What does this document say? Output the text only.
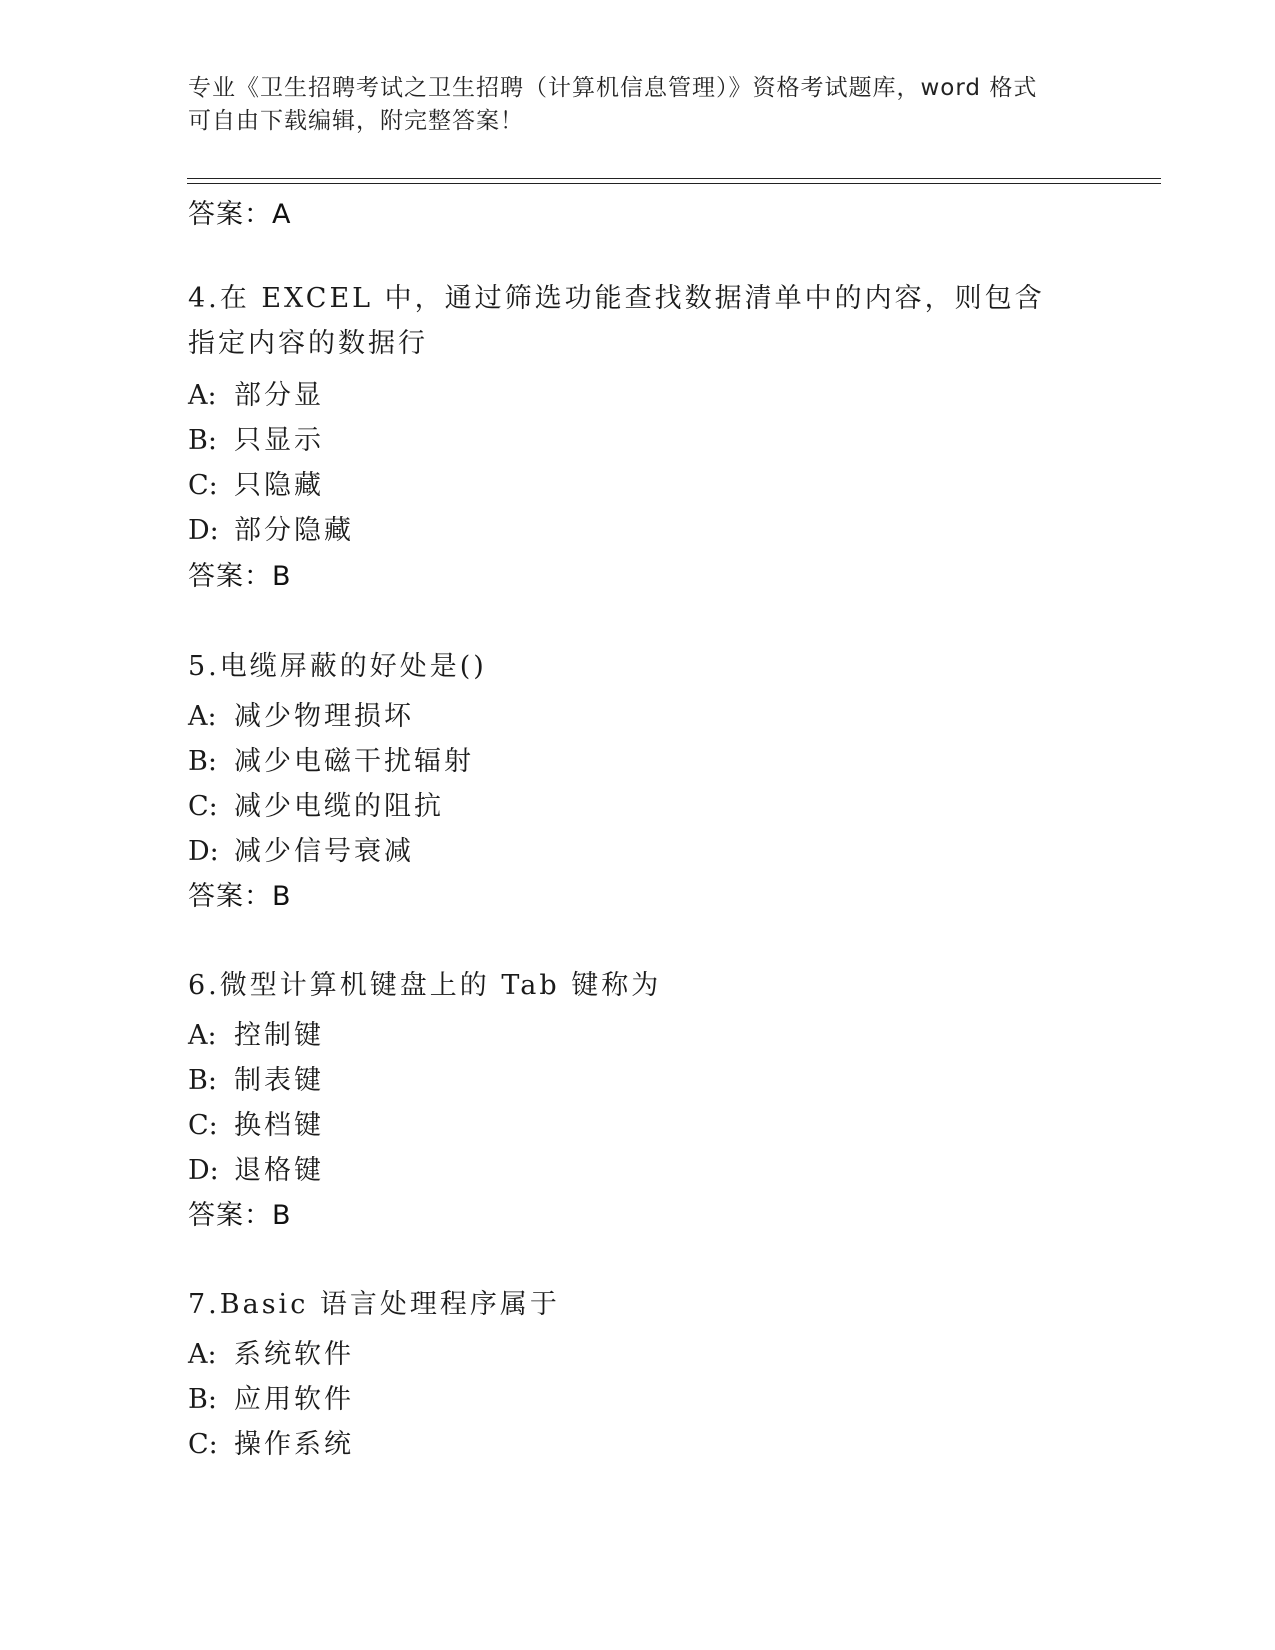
专业《卫生招聘考试之卫生招聘（计算机信息管理）》资格考试题库，word 格式
可自由下载编辑，附完整答案！
答案：A
4.在 EXCEL 中，通过筛选功能查找数据清单中的内容，则包含指定内容的数据行
A: 部分显
B: 只显示
C: 只隐藏
D: 部分隐藏
答案：B
5.电缆屏蔽的好处是()
A: 减少物理损坏
B: 减少电磁干扰辐射
C: 减少电缆的阻抗
D: 减少信号衰减
答案：B
6.微型计算机键盘上的 Tab 键称为
A: 控制键
B: 制表键
C: 换档键
D: 退格键
答案：B
7.Basic 语言处理程序属于
A: 系统软件
B: 应用软件
C: 操作系统
